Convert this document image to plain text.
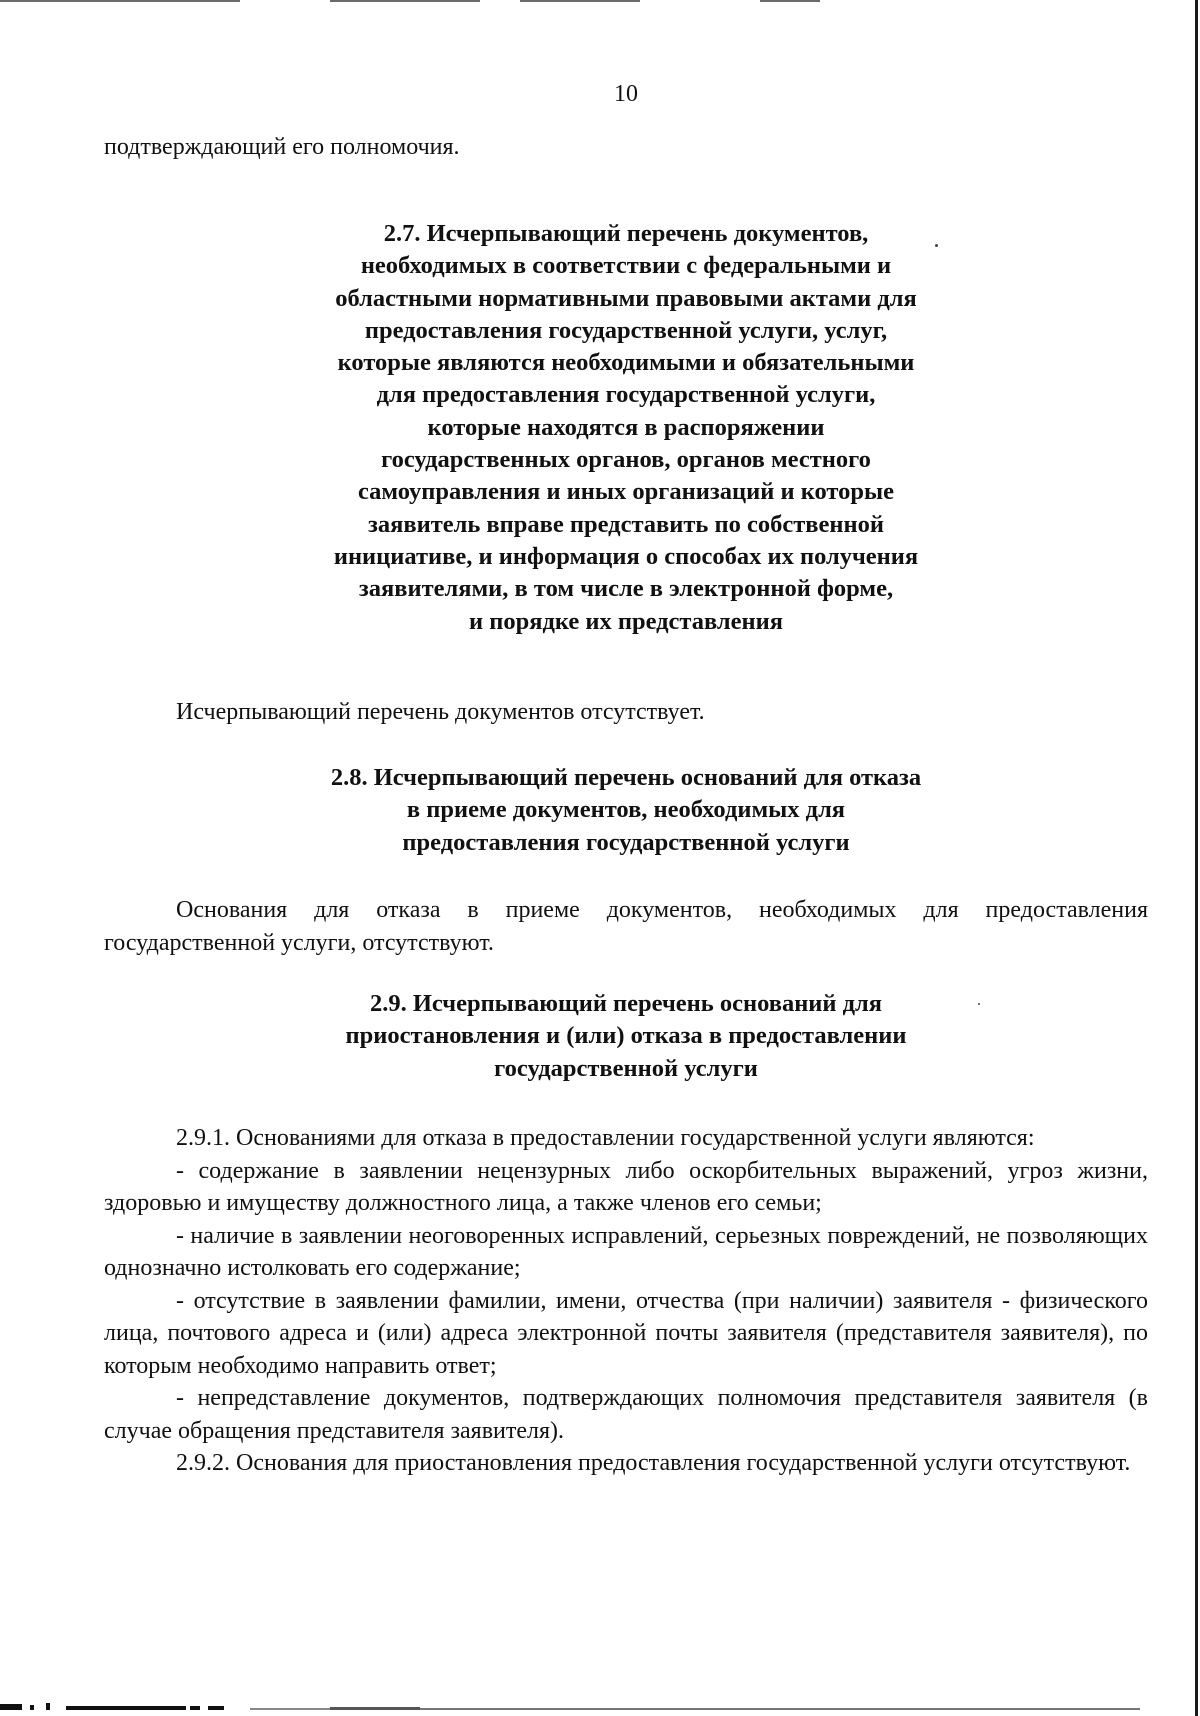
10

подтверждающий его полномочия.

2.7. Исчерпывающий перечень документов,
необходимых в соответствии с федеральными и
областными нормативными правовыми актами для
предоставления государственной услуги, услуг,
которые являются необходимыми и обязательными
для предоставления государственной услуги,
которые находятся в распоряжении
государственных органов, органов местного
самоуправления и иных организаций и которые
заявитель вправе представить по собственной
инициативе, и информация о способах их получения
заявителями, в том числе в электронной форме,
и порядке их представления

Исчерпывающий перечень документов отсутствует.

2.8. Исчерпывающий перечень оснований для отказа
в приеме документов, необходимых для
предоставления государственной услуги

Основания для отказа в приеме документов, необходимых для предоставления государственной услуги, отсутствуют.

2.9. Исчерпывающий перечень оснований для
приостановления и (или) отказа в предоставлении
государственной услуги

2.9.1. Основаниями для отказа в предоставлении государственной услуги являются:

- содержание в заявлении нецензурных либо оскорбительных выражений, угроз жизни, здоровью и имуществу должностного лица, а также членов его семьи;

- наличие в заявлении неоговоренных исправлений, серьезных повреждений, не позволяющих однозначно истолковать его содержание;

- отсутствие в заявлении фамилии, имени, отчества (при наличии) заявителя - физического лица, почтового адреса и (или) адреса электронной почты заявителя (представителя заявителя), по которым необходимо направить ответ;

- непредставление документов, подтверждающих полномочия представителя заявителя (в случае обращения представителя заявителя).

2.9.2. Основания для приостановления предоставления государственной услуги отсутствуют.
